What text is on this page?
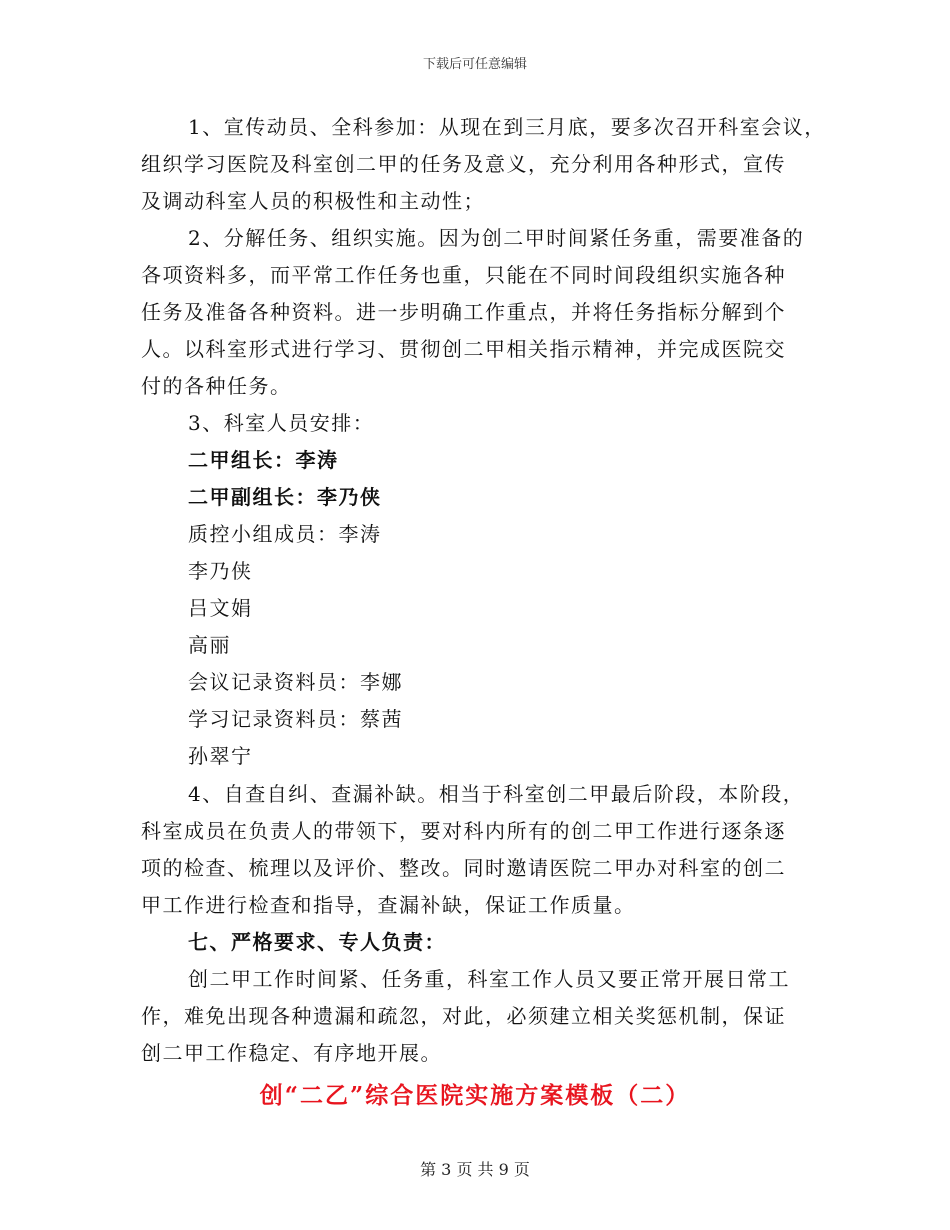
下载后可任意编辑
1、宣传动员、全科参加：从现在到三月底，要多次召开科室会议，
组织学习医院及科室创二甲的任务及意义，充分利用各种形式，宣传
及调动科室人员的积极性和主动性；
2、分解任务、组织实施。因为创二甲时间紧任务重，需要准备的
各项资料多，而平常工作任务也重，只能在不同时间段组织实施各种
任务及准备各种资料。进一步明确工作重点，并将任务指标分解到个
人。以科室形式进行学习、贯彻创二甲相关指示精神，并完成医院交
付的各种任务。
3、科室人员安排：
二甲组长：李涛
二甲副组长：李乃侠
质控小组成员：李涛
李乃侠
吕文娟
高丽
会议记录资料员：李娜
学习记录资料员：蔡茜
孙翠宁
4、自查自纠、查漏补缺。相当于科室创二甲最后阶段，本阶段，
科室成员在负责人的带领下，要对科内所有的创二甲工作进行逐条逐
项的检查、梳理以及评价、整改。同时邀请医院二甲办对科室的创二
甲工作进行检查和指导，查漏补缺，保证工作质量。
七、严格要求、专人负责：
创二甲工作时间紧、任务重，科室工作人员又要正常开展日常工
作，难免出现各种遗漏和疏忽，对此，必须建立相关奖惩机制，保证
创二甲工作稳定、有序地开展。
创“二乙”综合医院实施方案模板（二）
第 3 页 共 9 页
